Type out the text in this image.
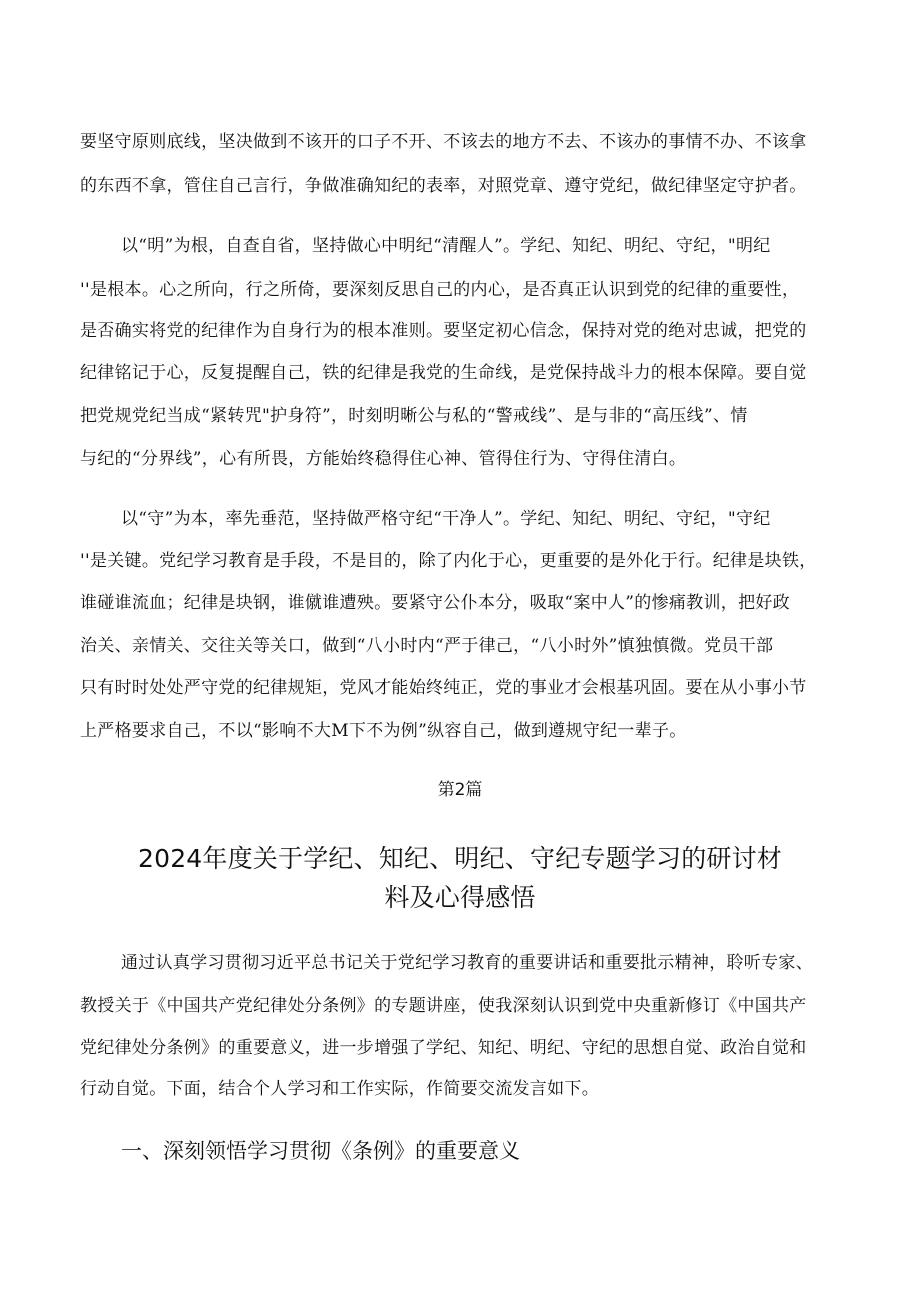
要坚守原则底线，坚决做到不该开的口子不开、不该去的地方不去、不该办的事情不办、不该拿
的东西不拿，管住自己言行，争做准确知纪的表率，对照党章、遵守党纪，做纪律坚定守护者。
以“明”为根，自查自省，坚持做心中明纪“清醒人”。学纪、知纪、明纪、守纪，"明纪
''是根本。心之所向，行之所倚，要深刻反思自己的内心，是否真正认识到党的纪律的重要性，
是否确实将党的纪律作为自身行为的根本准则。要坚定初心信念，保持对党的绝对忠诚，把党的
纪律铭记于心，反复提醒自己，铁的纪律是我党的生命线，是党保持战斗力的根本保障。要自觉
把党规党纪当成“紧转咒"护身符”，时刻明晰公与私的“警戒线”、是与非的“高压线”、情
与纪的“分界线”，心有所畏，方能始终稳得住心神、管得住行为、守得住清白。
以“守”为本，率先垂范，坚持做严格守纪“干净人”。学纪、知纪、明纪、守纪，"守纪
''是关键。党纪学习教育是手段，不是目的，除了内化于心，更重要的是外化于行。纪律是块铁，
谁碰谁流血；纪律是块钢，谁僦谁遭殃。要紧守公仆本分，吸取“案中人”的惨痛教训，把好政
治关、亲情关、交往关等关口，做到“八小时内“严于律己，“八小时外”慎独慎微。党员干部
只有时时处处严守党的纪律规矩，党风才能始终纯正，党的事业才会根基巩固。要在从小事小节
上严格要求自己，不以“影响不大M下不为例”纵容自己，做到遵规守纪一辈子。
第2篇
2024年度关于学纪、知纪、明纪、守纪专题学习的研讨材
料及心得感悟
通过认真学习贯彻习近平总书记关于党纪学习教育的重要讲话和重要批示精神，聆听专家、
教授关于《中国共产党纪律处分条例》的专题讲座，使我深刻认识到党中央重新修订《中国共产
党纪律处分条例》的重要意义，进一步增强了学纪、知纪、明纪、守纪的思想自觉、政治自觉和
行动自觉。下面，结合个人学习和工作实际，作简要交流发言如下。
一、深刻领悟学习贯彻《条例》的重要意义
